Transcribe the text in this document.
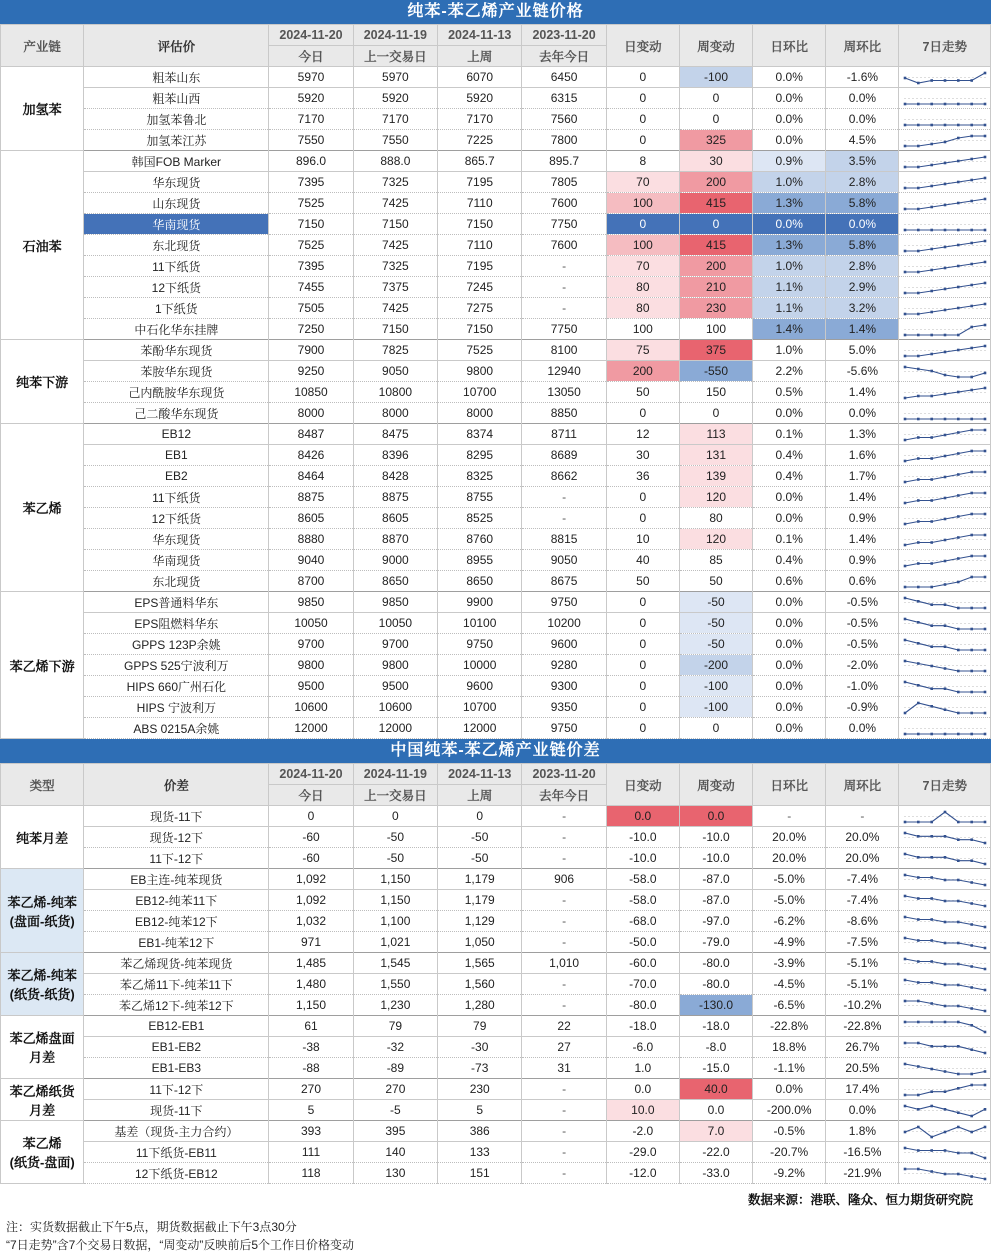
纯苯-苯乙烯产业链价格
产业链	评估价	2024-11-20	2024-11-19	2024-11-13	2023-11-20	日变动	周变动	日环比	周环比	7日走势
		今日	上一交易日	上周	去年今日					

加氢苯	粗苯山东	5970	5970	6070	6450	0	-100	0.0%	-1.6%	

	粗苯山西	5920	5920	5920	6315	0	0	0.0%	0.0%	

	加氢苯鲁北	7170	7170	7170	7560	0	0	0.0%	0.0%	

	加氢苯江苏	7550	7550	7225	7800	0	325	0.0%	4.5%	

石油苯	韩国FOB Marker	896.0	888.0	865.7	895.7	8	30	0.9%	3.5%	

	华东现货	7395	7325	7195	7805	70	200	1.0%	2.8%	

	山东现货	7525	7425	7110	7600	100	415	1.3%	5.8%	

	华南现货	7150	7150	7150	7750	0	0	0.0%	0.0%	

	东北现货	7525	7425	7110	7600	100	415	1.3%	5.8%	

	11下纸货	7395	7325	7195	-	70	200	1.0%	2.8%	

	12下纸货	7455	7375	7245	-	80	210	1.1%	2.9%	

	1下纸货	7505	7425	7275	-	80	230	1.1%	3.2%	

	中石化华东挂牌	7250	7150	7150	7750	100	100	1.4%	1.4%	

纯苯下游	苯酚华东现货	7900	7825	7525	8100	75	375	1.0%	5.0%	

	苯胺华东现货	9250	9050	9800	12940	200	-550	2.2%	-5.6%	

	己内酰胺华东现货	10850	10800	10700	13050	50	150	0.5%	1.4%	

	己二酸华东现货	8000	8000	8000	8850	0	0	0.0%	0.0%	

苯乙烯	EB12	8487	8475	8374	8711	12	113	0.1%	1.3%	

	EB1	8426	8396	8295	8689	30	131	0.4%	1.6%	

	EB2	8464	8428	8325	8662	36	139	0.4%	1.7%	

	11下纸货	8875	8875	8755	-	0	120	0.0%	1.4%	

	12下纸货	8605	8605	8525	-	0	80	0.0%	0.9%	

	华东现货	8880	8870	8760	8815	10	120	0.1%	1.4%	

	华南现货	9040	9000	8955	9050	40	85	0.4%	0.9%	

	东北现货	8700	8650	8650	8675	50	50	0.6%	0.6%	

苯乙烯下游	EPS普通料华东	9850	9850	9900	9750	0	-50	0.0%	-0.5%	

	EPS阻燃料华东	10050	10050	10100	10200	0	-50	0.0%	-0.5%	

	GPPS 123P余姚	9700	9700	9750	9600	0	-50	0.0%	-0.5%	

	GPPS 525宁波利万	9800	9800	10000	9280	0	-200	0.0%	-2.0%	

	HIPS 660广州石化	9500	9500	9600	9300	0	-100	0.0%	-1.0%	

	HIPS 宁波利万	10600	10600	10700	9350	0	-100	0.0%	-0.9%	

	ABS 0215A余姚	12000	12000	12000	9750	0	0	0.0%	0.0%	
中国纯苯-苯乙烯产业链价差
类型	价差	2024-11-20	2024-11-19	2024-11-13	2023-11-20	日变动	周变动	日环比	周环比	7日走势
		今日	上一交易日	上周	去年今日					

纯苯月差	现货-11下	0	0	0	-	0.0	0.0	-	-	

	现货-12下	-60	-50	-50	-	-10.0	-10.0	20.0%	20.0%	

	11下-12下	-60	-50	-50	-	-10.0	-10.0	20.0%	20.0%	

苯乙烯-纯苯
(盘面-纸货)	EB主连-纯苯现货	1,092	1,150	1,179	906	-58.0	-87.0	-5.0%	-7.4%	

	EB12-纯苯11下	1,092	1,150	1,179	-	-58.0	-87.0	-5.0%	-7.4%	

	EB12-纯苯12下	1,032	1,100	1,129	-	-68.0	-97.0	-6.2%	-8.6%	

	EB1-纯苯12下	971	1,021	1,050	-	-50.0	-79.0	-4.9%	-7.5%	

苯乙烯-纯苯
(纸货-纸货)	苯乙烯现货-纯苯现货	1,485	1,545	1,565	1,010	-60.0	-80.0	-3.9%	-5.1%	

	苯乙烯11下-纯苯11下	1,480	1,550	1,560	-	-70.0	-80.0	-4.5%	-5.1%	

	苯乙烯12下-纯苯12下	1,150	1,230	1,280	-	-80.0	-130.0	-6.5%	-10.2%	

苯乙烯盘面
月差	EB12-EB1	61	79	79	22	-18.0	-18.0	-22.8%	-22.8%	

	EB1-EB2	-38	-32	-30	27	-6.0	-8.0	18.8%	26.7%	

	EB1-EB3	-88	-89	-73	31	1.0	-15.0	-1.1%	20.5%	

苯乙烯纸货
月差	11下-12下	270	270	230	-	0.0	40.0	0.0%	17.4%	

	现货-11下	5	-5	5	-	10.0	0.0	-200.0%	0.0%	

苯乙烯
(纸货-盘面)	基差（现货-主力合约）	393	395	386	-	-2.0	7.0	-0.5%	1.8%	

	11下纸货-EB11	111	140	133	-	-29.0	-22.0	-20.7%	-16.5%	

	12下纸货-EB12	118	130	151	-	-12.0	-33.0	-9.2%	-21.9%	
数据来源：港联、隆众、恒力期货研究院
注：实货数据截止下午5点，期货数据截止下午3点30分
“7日走势”含7个交易日数据，“周变动”反映前后5个工作日价格变动
